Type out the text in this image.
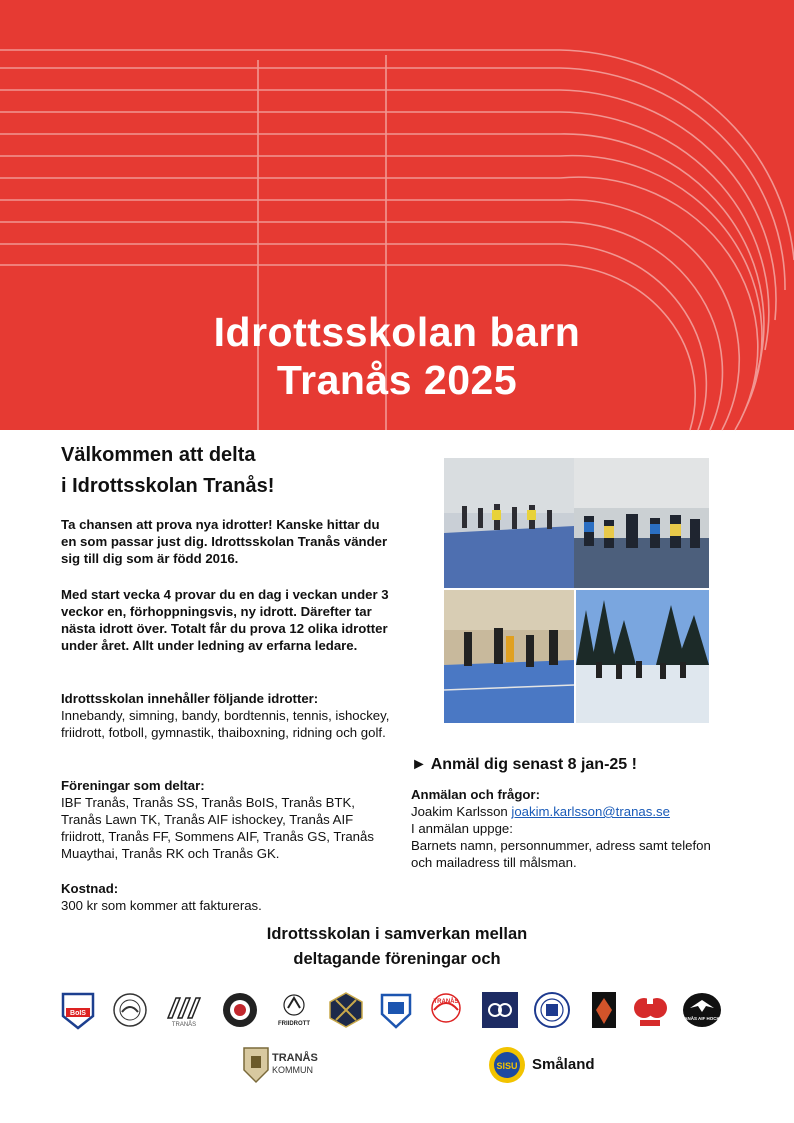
Idrottsskolan barn
Tranås 2025
Välkommen att delta
i Idrottsskolan Tranås!
Ta chansen att prova nya idrotter! Kanske hittar du en som passar just dig. Idrottsskolan Tranås vänder sig till dig som är född 2016.
Med start vecka 4 provar du en dag i veckan under 3 veckor en, förhoppningsvis, ny idrott. Därefter tar nästa idrott över. Totalt får du prova 12 olika idrotter under året. Allt under ledning av erfarna ledare.
Idrottsskolan innehåller följande idrotter:
Innebandy, simning, bandy, bordtennis, tennis, ishockey, friidrott, fotboll, gymnastik, thaiboxning, ridning och golf.
Föreningar som deltar:
IBF Tranås, Tranås SS, Tranås BoIS, Tranås BTK, Tranås Lawn TK, Tranås AIF ishockey, Tranås AIF friidrott, Tranås FF, Sommens AIF, Tranås GS, Tranås Muaythai, Tranås RK och Tranås GK.
Kostnad:
300 kr som kommer att faktureras.
► Anmäl dig senast 8 jan-25 !
Anmälan och frågor:
Joakim Karlsson joakim.karlsson@tranas.se
I anmälan uppge:
Barnets namn, personnummer, adress samt telefon och mailadress till målsman.
Idrottsskolan i samverkan mellan
deltagande föreningar och
BoIS
TRANÅS	FRIIDROTT
TRANÅS
TRANÅS AIF HOCKEY
TRANÅS
KOMMUN	SISU Småland
